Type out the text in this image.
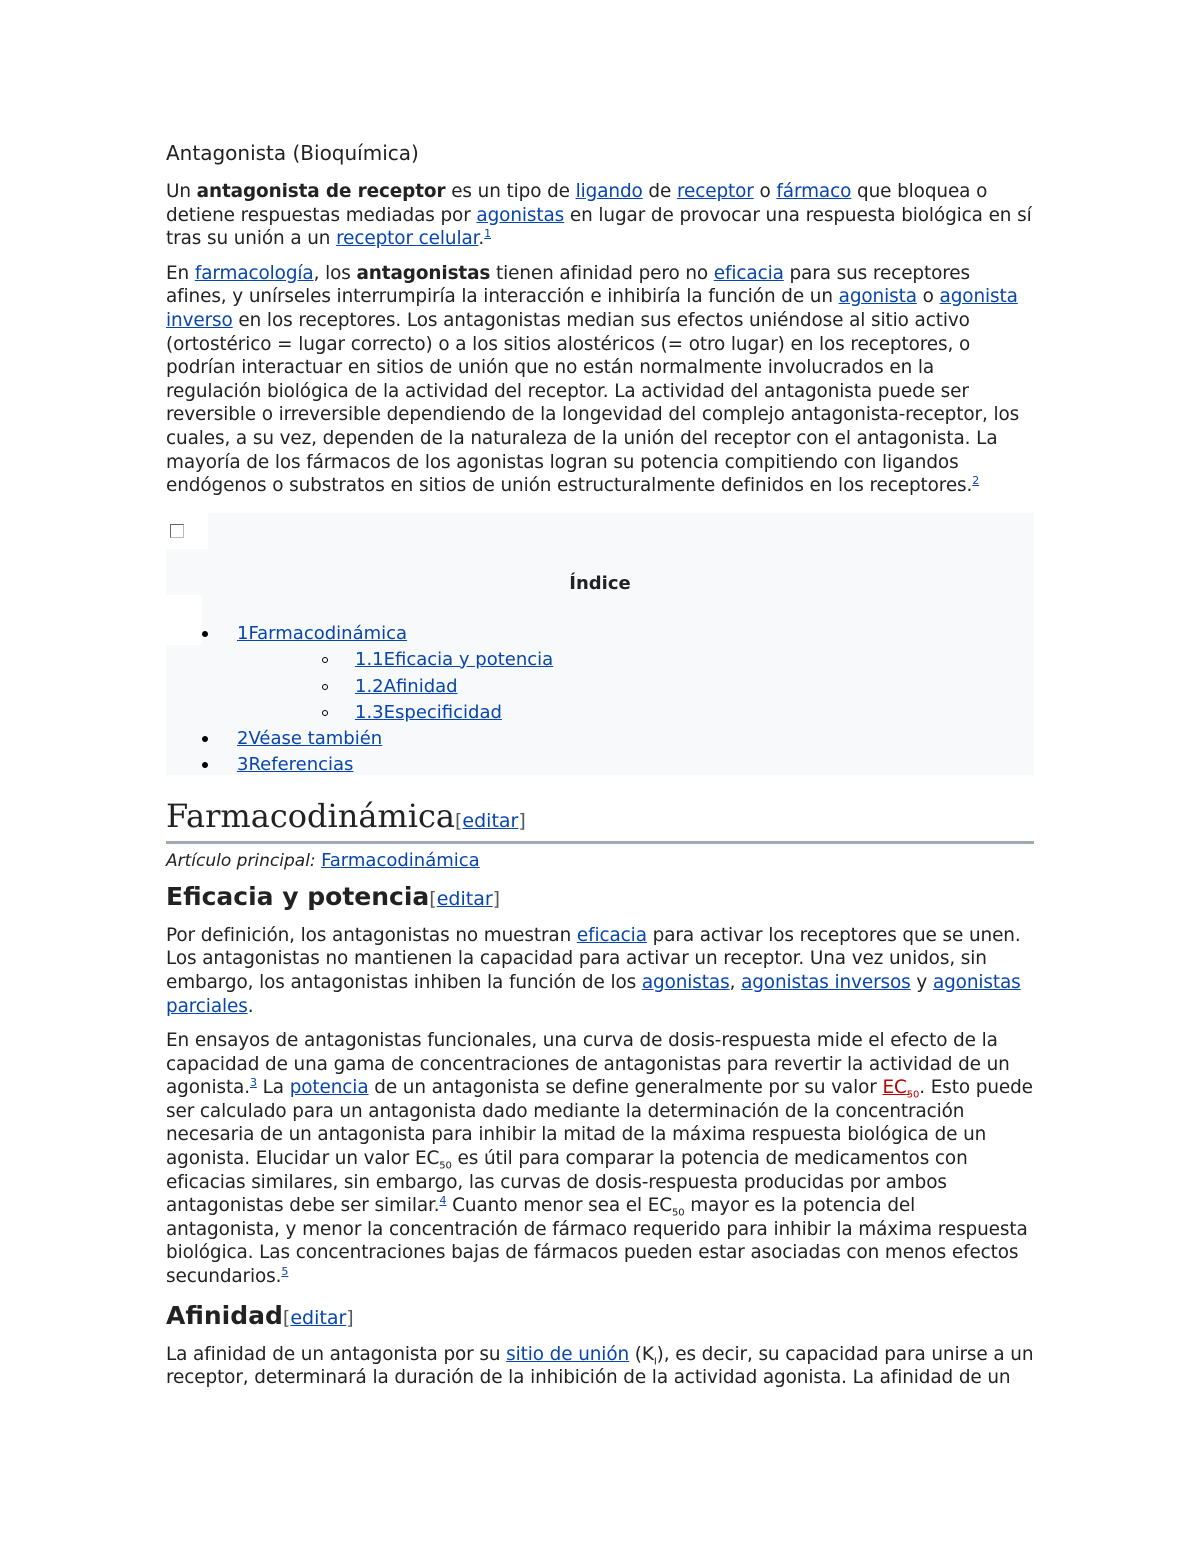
Antagonista (Bioquímica)

Un antagonista de receptor es un tipo de ligando de receptor o fármaco que bloquea o detiene respuestas mediadas por agonistas en lugar de provocar una respuesta biológica en sí tras su unión a un receptor celular.$^1$

En farmacología, los antagonistas tienen afinidad pero no eficacia para sus receptores afines, y unírseles interrumpiría la interacción e inhibiría la función de un agonista o agonista inverso en los receptores. Los antagonistas median sus efectos uniéndose al sitio activo (ortostérico = lugar correcto) o a los sitios alostéricos (= otro lugar) en los receptores, o podrían interactuar en sitios de unión que no están normalmente involucrados en la regulación biológica de la actividad del receptor. La actividad del antagonista puede ser reversible o irreversible dependiendo de la longevidad del complejo antagonista-receptor, los cuales, a su vez, dependen de la naturaleza de la unión del receptor con el antagonista. La mayoría de los fármacos de los agonistas logran su potencia compitiendo con ligandos endógenos o substratos en sitios de unión estructuralmente definidos en los receptores.$^2$

Índice
1Farmacodinámica
1.1Eficacia y potencia
1.2Afinidad
1.3Especificidad
2Véase también
3Referencias
Farmacodinámica[editar]
Artículo principal: Farmacodinámica
Eficacia y potencia[editar]

Por definición, los antagonistas no muestran eficacia para activar los receptores que se unen. Los antagonistas no mantienen la capacidad para activar un receptor. Una vez unidos, sin embargo, los antagonistas inhiben la función de los agonistas, agonistas inversos y agonistas parciales.

En ensayos de antagonistas funcionales, una curva de dosis-respuesta mide el efecto de la capacidad de una gama de concentraciones de antagonistas para revertir la actividad de un agonista.$^3$ La potencia de un antagonista se define generalmente por su valor $EC_{50}$. Esto puede ser calculado para un antagonista dado mediante la determinación de la concentración necesaria de un antagonista para inhibir la mitad de la máxima respuesta biológica de un agonista. Elucidar un valor $EC_{50}$ es útil para comparar la potencia de medicamentos con eficacias similares, sin embargo, las curvas de dosis-respuesta producidas por ambos antagonistas debe ser similar.$^4$ Cuanto menor sea el $EC_{50}$ mayor es la potencia del antagonista, y menor la concentración de fármaco requerido para inhibir la máxima respuesta biológica. Las concentraciones bajas de fármacos pueden estar asociadas con menos efectos secundarios.$^5$

Afinidad[editar]

La afinidad de un antagonista por su sitio de unión $(K_I)$, es decir, su capacidad para unirse a un receptor, determinará la duración de la inhibición de la actividad agonista. La afinidad de un
